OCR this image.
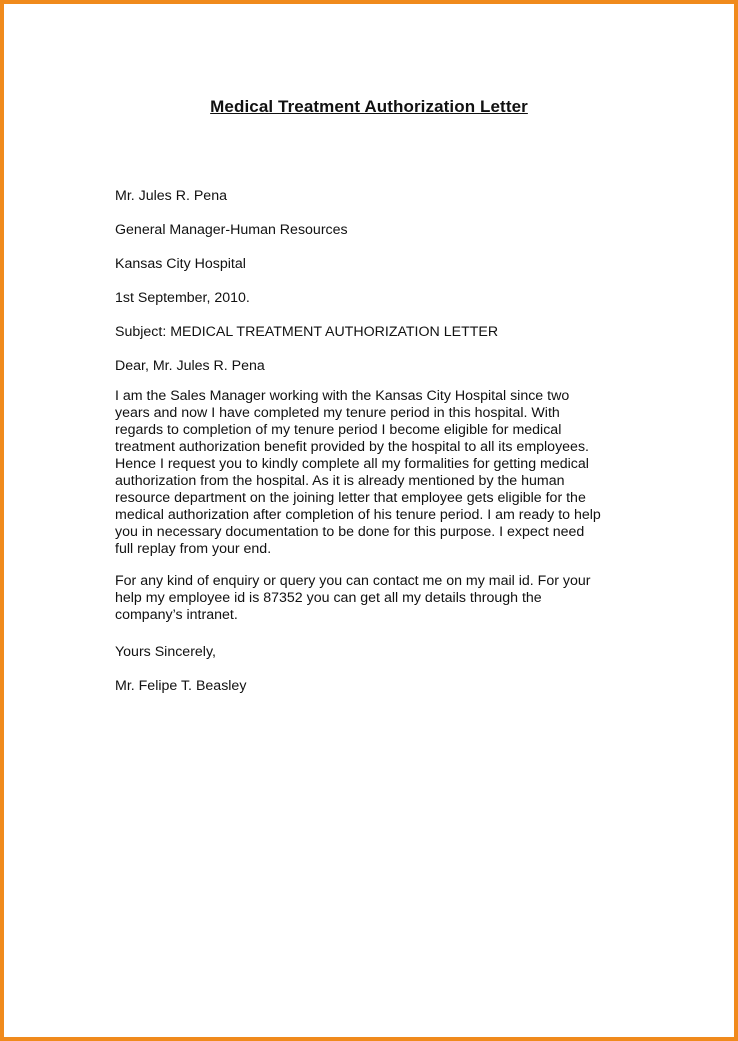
Medical Treatment Authorization Letter
Mr. Jules R. Pena
General Manager-Human Resources
Kansas City Hospital
1st September, 2010.
Subject: MEDICAL TREATMENT AUTHORIZATION LETTER
Dear, Mr. Jules R. Pena
I am the Sales Manager working with the Kansas City Hospital since two
years and now I have completed my tenure period in this hospital. With
regards to completion of my tenure period I become eligible for medical
treatment authorization benefit provided by the hospital to all its employees.
Hence I request you to kindly complete all my formalities for getting medical
authorization from the hospital. As it is already mentioned by the human
resource department on the joining letter that employee gets eligible for the
medical authorization after completion of his tenure period. I am ready to help
you in necessary documentation to be done for this purpose. I expect need
full replay from your end.
For any kind of enquiry or query you can contact me on my mail id. For your
help my employee id is 87352 you can get all my details through the
company’s intranet.
Yours Sincerely,
Mr. Felipe T. Beasley
